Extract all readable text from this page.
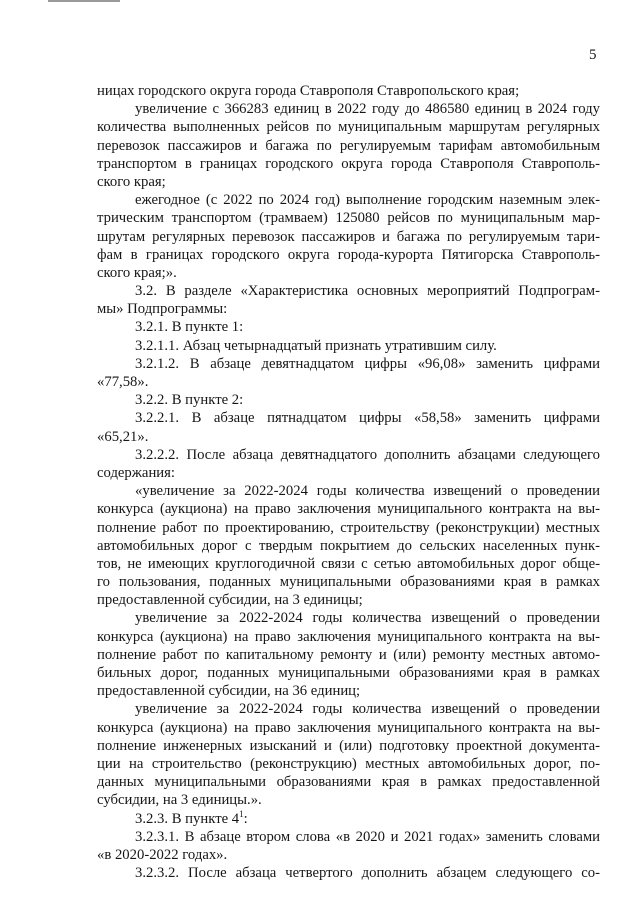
5
ницах городского округа города Ставрополя Ставропольского края;
увеличение с 366283 единиц в 2022 году до 486580 единиц в 2024 году
количества выполненных рейсов по муниципальным маршрутам регулярных
перевозок пассажиров и багажа по регулируемым тарифам автомобильным
транспортом в границах городского округа города Ставрополя Ставрополь-
ского края;
ежегодное (с 2022 по 2024 год) выполнение городским наземным элек-
трическим транспортом (трамваем) 125080 рейсов по муниципальным мар-
шрутам регулярных перевозок пассажиров и багажа по регулируемым тари-
фам в границах городского округа города-курорта Пятигорска Ставрополь-
ского края;».
3.2. В разделе «Характеристика основных мероприятий Подпрограм-
мы» Подпрограммы:
3.2.1. В пункте 1:
3.2.1.1. Абзац четырнадцатый признать утратившим силу.
3.2.1.2. В абзаце девятнадцатом цифры «96,08» заменить цифрами
«77,58».
3.2.2. В пункте 2:
3.2.2.1. В абзаце пятнадцатом цифры «58,58» заменить цифрами
«65,21».
3.2.2.2. После абзаца девятнадцатого дополнить абзацами следующего
содержания:
«увеличение за 2022-2024 годы количества извещений о проведении
конкурса (аукциона) на право заключения муниципального контракта на вы-
полнение работ по проектированию, строительству (реконструкции) местных
автомобильных дорог с твердым покрытием до сельских населенных пунк-
тов, не имеющих круглогодичной связи с сетью автомобильных дорог обще-
го пользования, поданных муниципальными образованиями края в рамках
предоставленной субсидии, на 3 единицы;
увеличение за 2022-2024 годы количества извещений о проведении
конкурса (аукциона) на право заключения муниципального контракта на вы-
полнение работ по капитальному ремонту и (или) ремонту местных автомо-
бильных дорог, поданных муниципальными образованиями края в рамках
предоставленной субсидии, на 36 единиц;
увеличение за 2022-2024 годы количества извещений о проведении
конкурса (аукциона) на право заключения муниципального контракта на вы-
полнение инженерных изысканий и (или) подготовку проектной документа-
ции на строительство (реконструкцию) местных автомобильных дорог, по-
данных муниципальными образованиями края в рамках предоставленной
субсидии, на 3 единицы.».
3.2.3. В пункте $4^1$:
3.2.3.1. В абзаце втором слова «в 2020 и 2021 годах» заменить словами
«в 2020-2022 годах».
3.2.3.2. После абзаца четвертого дополнить абзацем следующего со-
